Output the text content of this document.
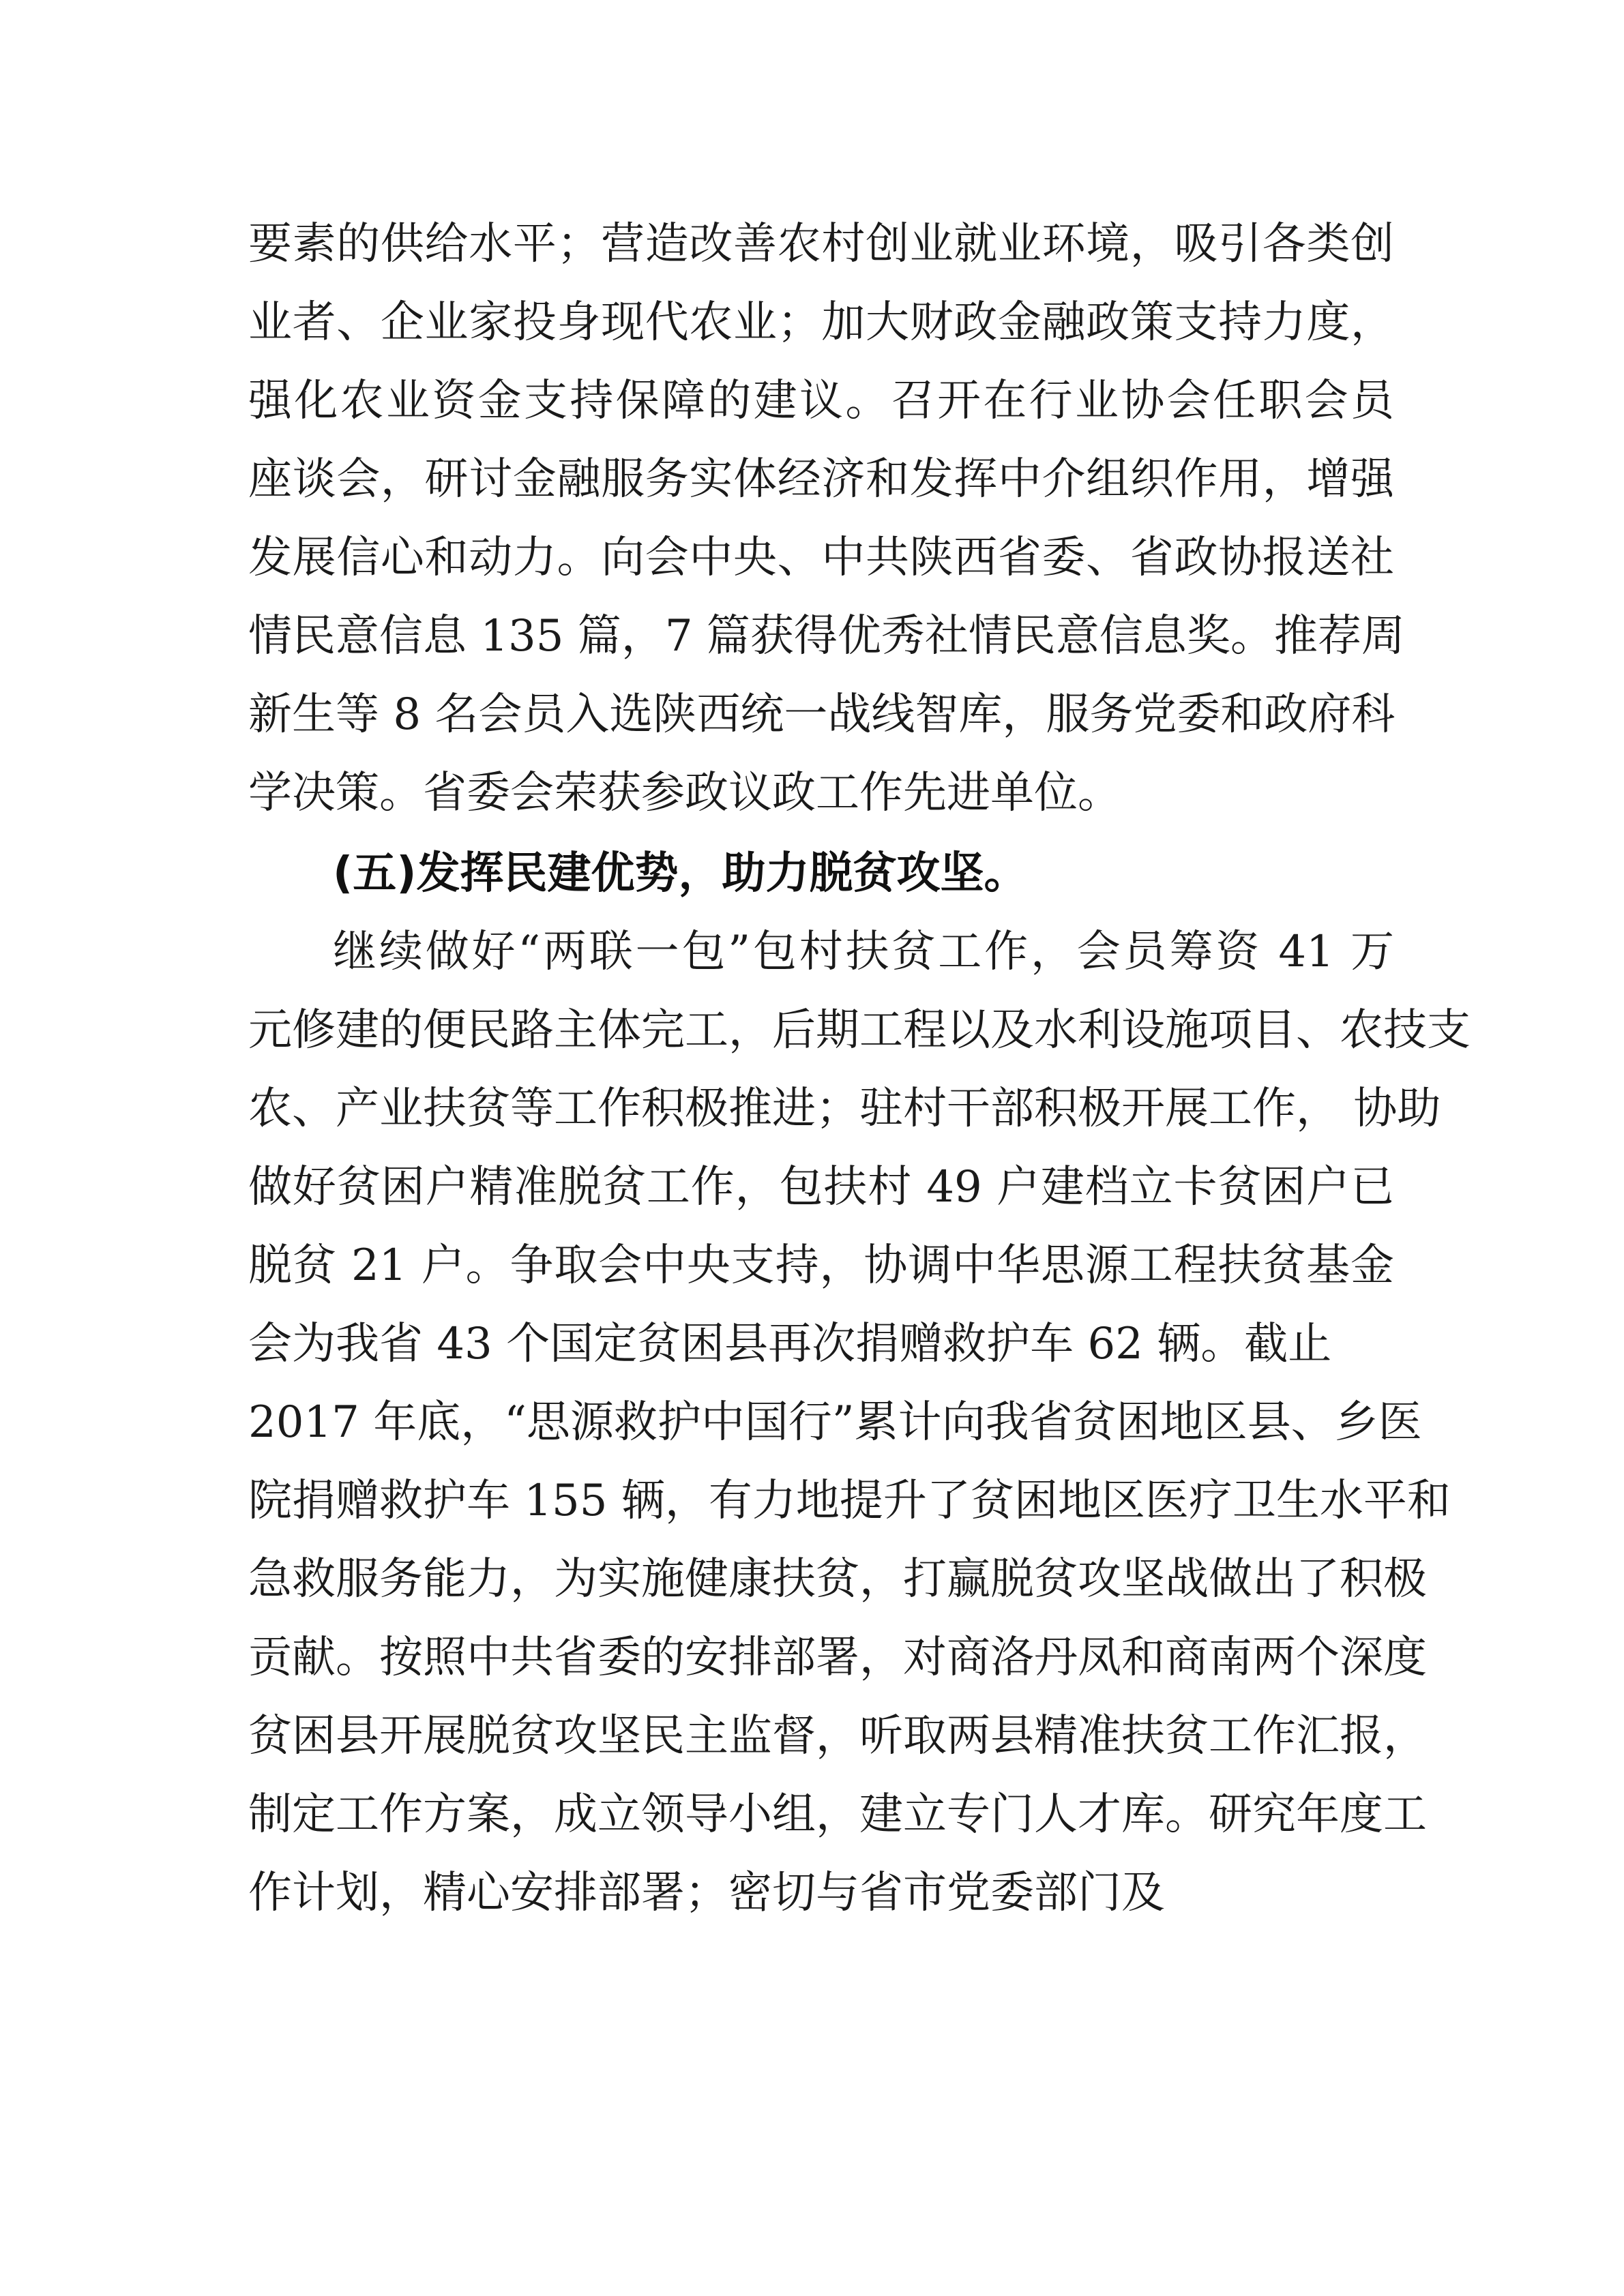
要素的供给水平；营造改善农村创业就业环境，吸引各类创
业者、企业家投身现代农业；加大财政金融政策支持力度，
强化农业资金支持保障的建议。召开在行业协会任职会员
座谈会，研讨金融服务实体经济和发挥中介组织作用，增强
发展信心和动力。向会中央、中共陕西省委、省政协报送社
情民意信息 135 篇，7 篇获得优秀社情民意信息奖。推荐周
新生等 8 名会员入选陕西统一战线智库，服务党委和政府科
学决策。省委会荣获参政议政工作先进单位。
(五)发挥民建优势，助力脱贫攻坚。
继续做好“两联一包”包村扶贫工作，会员筹资 41 万
元修建的便民路主体完工，后期工程以及水利设施项目、农技支
农、产业扶贫等工作积极推进；驻村干部积极开展工作， 协助
做好贫困户精准脱贫工作，包扶村 49 户建档立卡贫困户已
脱贫 21 户。争取会中央支持，协调中华思源工程扶贫基金
会为我省 43 个国定贫困县再次捐赠救护车 62 辆。截止
2017 年底，“思源救护中国行”累计向我省贫困地区县、乡医
院捐赠救护车 155 辆，有力地提升了贫困地区医疗卫生水平和
急救服务能力，为实施健康扶贫，打赢脱贫攻坚战做出了积极
贡献。按照中共省委的安排部署，对商洛丹凤和商南两个深度
贫困县开展脱贫攻坚民主监督，听取两县精准扶贫工作汇报，
制定工作方案，成立领导小组，建立专门人才库。研究年度工
作计划，精心安排部署；密切与省市党委部门及
